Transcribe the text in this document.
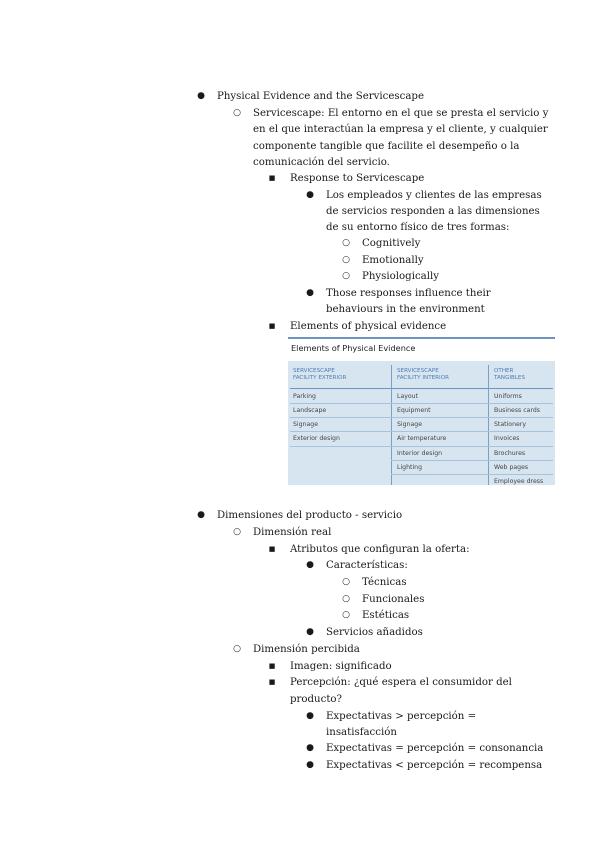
● Physical Evidence and the Servicescape
○ Servicescape: El entorno en el que se presta el servicio y
en el que interactúan la empresa y el cliente, y cualquier
componente tangible que facilite el desempeño o la
comunicación del servicio.
■ Response to Servicescape
● Los empleados y clientes de las empresas
de servicios responden a las dimensiones
de su entorno físico de tres formas:
○ Cognitively
○ Emotionally
○ Physiologically
● Those responses influence their
behaviours in the environment
■ Elements of physical evidence
● Dimensiones del producto - servicio
○ Dimensión real
■ Atributos que configuran la oferta:
● Características:
○ Técnicas
○ Funcionales
○ Estéticas
● Servicios añadidos
○ Dimensión percibida
■ Imagen: significado
■ Percepción: ¿qué espera el consumidor del
producto?
● Expectativas > percepción =
insatisfacción
● Expectativas = percepción = consonancia
● Expectativas < percepción = recompensa
Elements of Physical Evidence
SERVICESCAPE
FACILITY EXTERIOR
SERVICESCAPE
FACILITY INTERIOR
OTHER
TANGIBLES
Parking
Landscape
Signage
Exterior design
Layout
Equipment
Signage
Air temperature
Interior design
Lighting
Uniforms
Business cards
Stationery
Invoices
Brochures
Web pages
Employee dress
